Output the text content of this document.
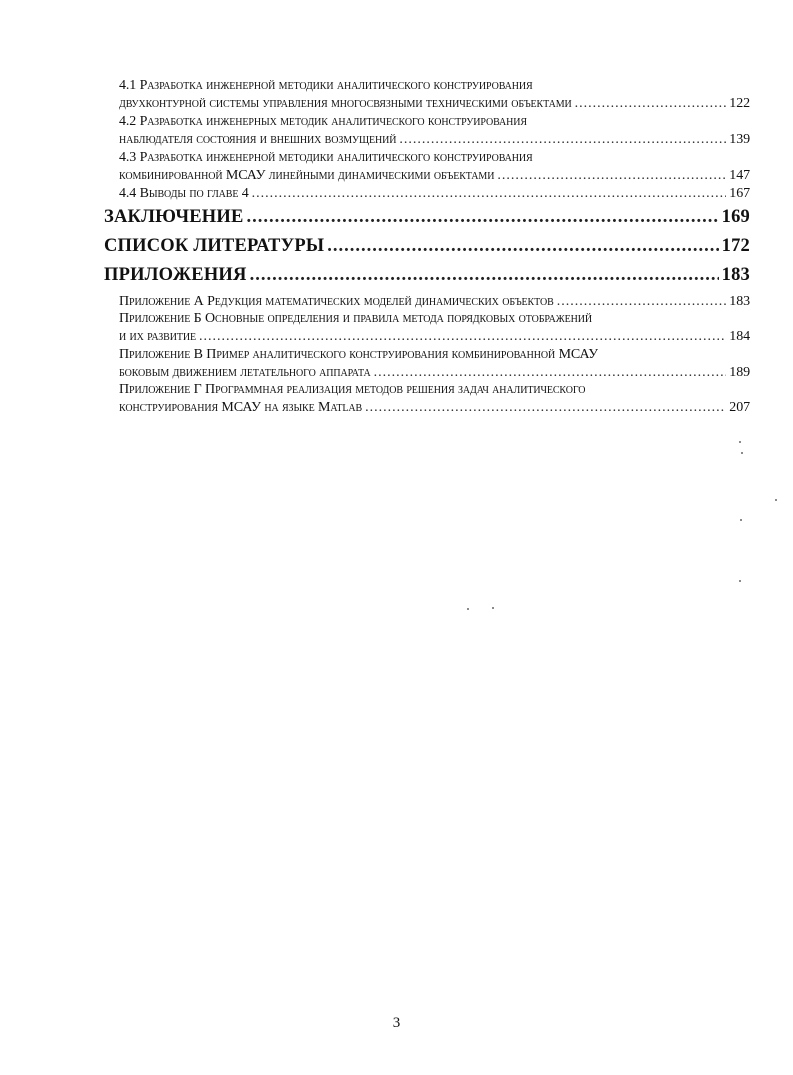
4.1
Разработка инженерной методики аналитического конструирования
двухконтурной системы управления многосвязными техническими объектами .....	122
4.2
Разработка инженерных методик аналитического конструирования
наблюдателя состояния и внешних возмущений .....	139
4.3
Разработка инженерной методики аналитического конструирования
комбинированной МСАУ линейными динамическими объектами .....	147
4.4
Выводы по главе 4 .....	167
ЗАКЛЮЧЕНИЕ .....	169
СПИСОК ЛИТЕРАТУРЫ .....	172
ПРИЛОЖЕНИЯ .....	183
Приложение А Редукция математических моделей динамических объектов .....	183
Приложение Б Основные определения и правила метода порядковых отображений
и их развитие .....	184
Приложение В Пример аналитического конструирования комбинированной МСАУ
боковым движением летательного аппарата .....	189
Приложение Г Программная реализация методов решения задач аналитического
конструирования МСАУ на языке Matlab .....	207
3
